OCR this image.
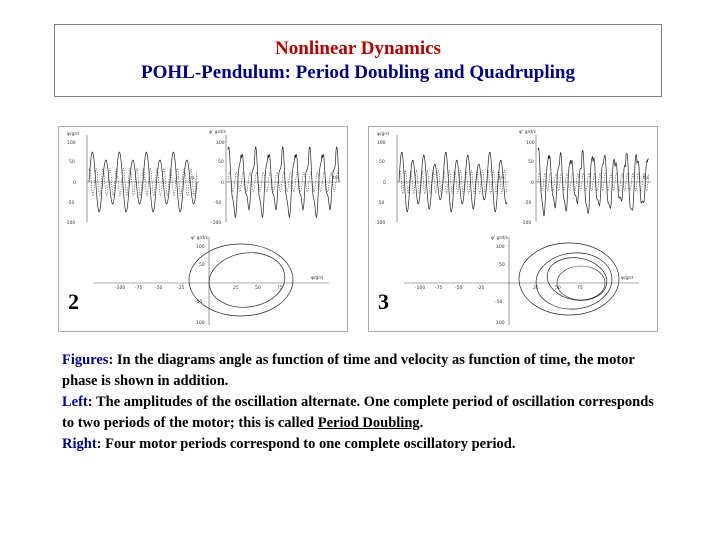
Nonlinear Dynamics
POHL-Pendulum: Period Doubling and Quadrupling
φ/grd
t/s
100
50
0
-50
-100
φ' grd/s
t/s
100
50
0
-50
-100
φ' grd/s
φ/grd
100
50
-50
100
-100 -75	-50	-25	25	50	75
2
φ/grd
t/s
100
50
0
-50
-100
φ' grd/s
t/s
100
50
0
-50
-100
φ' grd/s
φ/grd
100
50
-50
100
-100 -75	-50	-25	25	50	75
3
Figures: In the diagrams angle as function of time and velocity as function of time, the motor phase is shown in addition.
Left: The amplitudes of the oscillation alternate. One complete period of oscillation corresponds to two periods of the motor; this is called Period Doubling.
Right: Four motor periods correspond to one complete oscillatory period.
